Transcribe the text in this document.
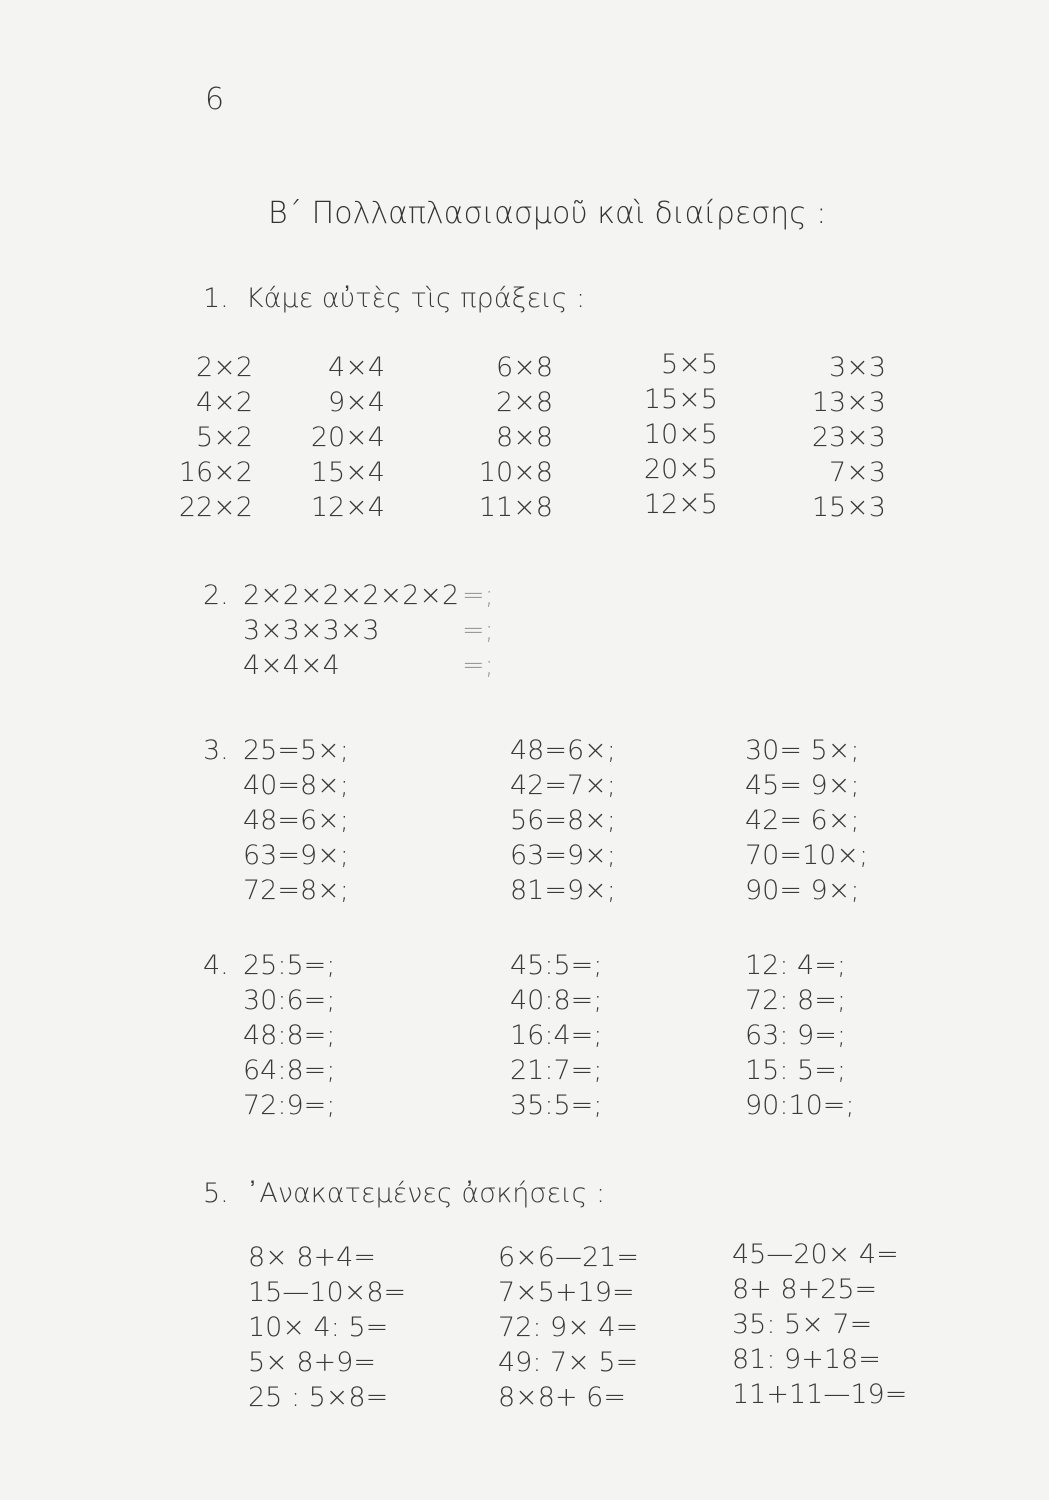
6
Β΄ Πολλαπλασιασμοῦ καὶ διαίρεσης :
1.  Κάμε αὐτὲς τὶς πράξεις :
2×2
4×2
5×2
16×2
22×2
4×4
9×4
20×4
15×4
12×4
6×8
2×8
8×8
10×8
11×8
5×5
15×5
10×5
20×5
12×5
3×3
13×3
23×3
7×3
15×3
2. 2×2×2×2×2×2
3×3×3×3
4×4×4
=;
=;
=;
3. 25=5×;
40=8×;
48=6×;
63=9×;
72=8×;
48=6×;
42=7×;
56=8×;
63=9×;
81=9×;
30= 5×;
45= 9×;
42= 6×;
70=10×;
90= 9×;
4. 25:5=;
30:6=;
48:8=;
64:8=;
72:9=;
45:5=;
40:8=;
16:4=;
21:7=;
35:5=;
12: 4=;
72: 8=;
63: 9=;
15: 5=;
90:10=;
5.  ᾿Ανακατεμένες ἀσκήσεις :
8× 8+4=
15—10×8=
10× 4: 5=
5× 8+9=
25 : 5×8=
6×6—21=
7×5+19=
72: 9× 4=
49: 7× 5=
8×8+ 6=
45—20× 4=
8+ 8+25=
35: 5× 7=
81: 9+18=
11+11—19=
